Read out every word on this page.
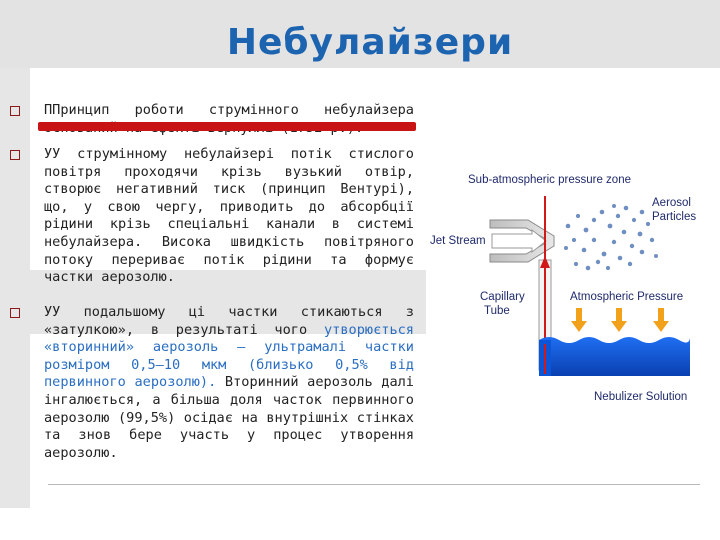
Небулайзери
ППринцип роботи струмінного небулайзера
УУ струмінному небулайзері потік стислого повітря проходячи крізь вузький отвір, створює негативний тиск (принцип Вентурі), що, у свою чергу, приводить до абсорбції рідини крізь спеціальні канали в системі небулайзера. Висока швидкість повітряного потоку перериває потік рідини та формує частки аерозолю.
УУ подальшому ці частки стикаються з «затулкою», в результаті чого утворюється «вторинний» аерозоль – ультрамалі частки розміром 0,5–10 мкм (близько 0,5% від первинного аерозолю). Вторинний аерозоль далі інгалюється, а більша доля часток первинного аерозолю (99,5%) осідає на внутрішніх стінках та знов бере участь у процес утворення аерозолю.
Sub-atmospheric pressure zone
Aerosol
Particles
Jet Stream
Capillary
Tube
Atmospheric Pressure
Nebulizer Solution
